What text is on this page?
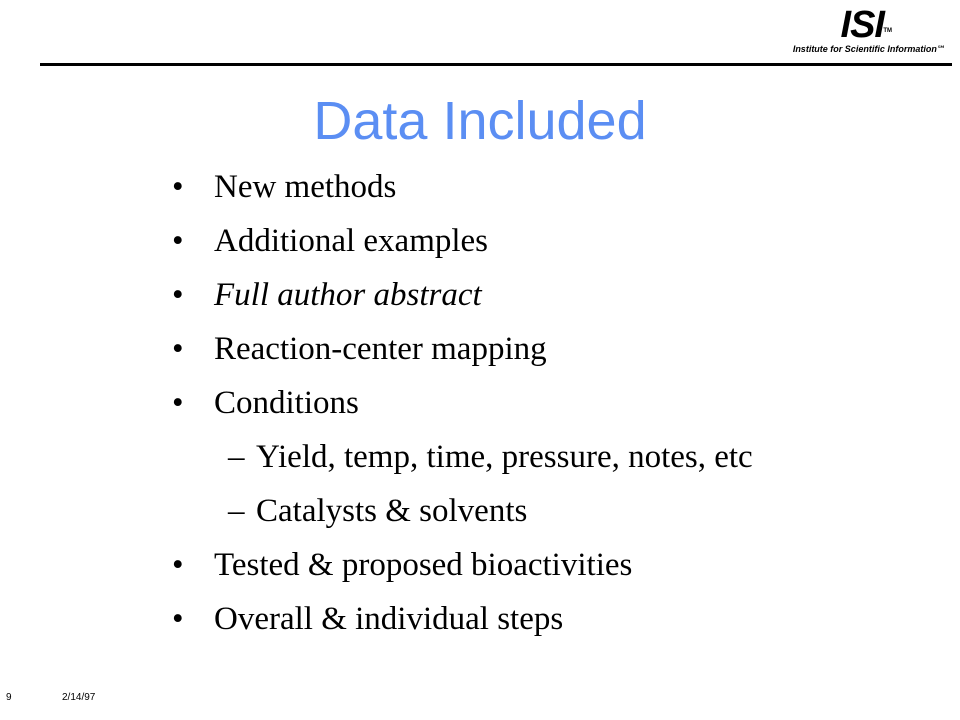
ISI TM
Institute for Scientific Information℠
Data Included
• New methods
• Additional examples
• Full author abstract
• Reaction-center mapping
• Conditions
– Yield, temp, time, pressure, notes, etc
– Catalysts & solvents
• Tested & proposed bioactivities
• Overall & individual steps
9	2/14/97
